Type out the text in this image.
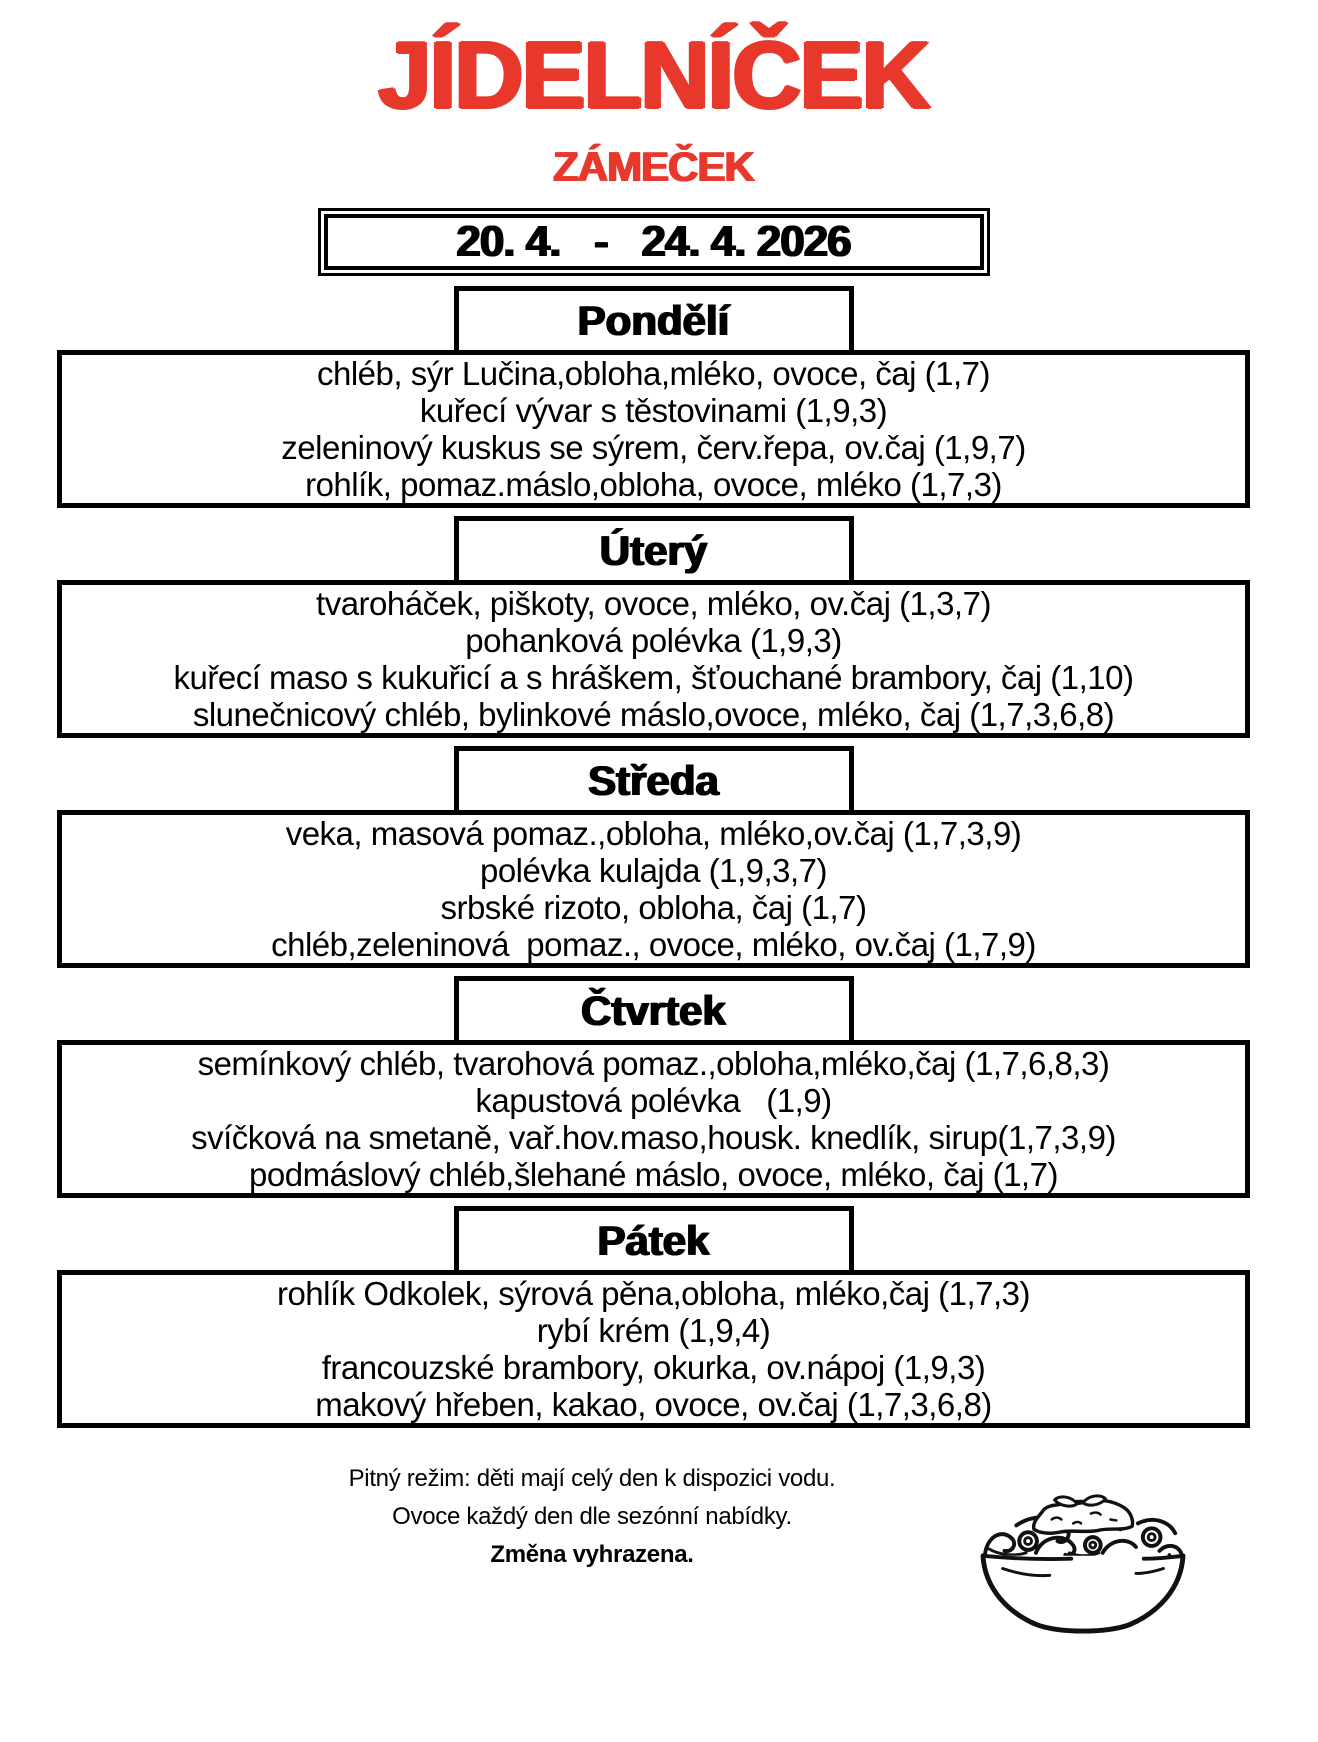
JÍDELNÍČEK
ZÁMEČEK
20. 4.   -   24. 4. 2026
Pondělí
chléb, sýr Lučina,obloha,mléko, ovoce, čaj (1,7)
kuřecí vývar s těstovinami (1,9,3)
zeleninový kuskus se sýrem, červ.řepa, ov.čaj (1,9,7)
rohlík, pomaz.máslo,obloha, ovoce, mléko (1,7,3)
Úterý
tvaroháček, piškoty, ovoce, mléko, ov.čaj (1,3,7)
pohanková polévka (1,9,3)
kuřecí maso s kukuřicí a s hráškem, šťouchané brambory, čaj (1,10)
slunečnicový chléb, bylinkové máslo,ovoce, mléko, čaj (1,7,3,6,8)
Středa
veka, masová pomaz.,obloha, mléko,ov.čaj (1,7,3,9)
polévka kulajda (1,9,3,7)
srbské rizoto, obloha, čaj (1,7)
chléb,zeleninová  pomaz., ovoce, mléko, ov.čaj (1,7,9)
Čtvrtek
semínkový chléb, tvarohová pomaz.,obloha,mléko,čaj (1,7,6,8,3)
kapustová polévka   (1,9)
svíčková na smetaně, vař.hov.maso,housk. knedlík, sirup(1,7,3,9)
podmáslový chléb,šlehané máslo, ovoce, mléko, čaj (1,7)
Pátek
rohlík Odkolek, sýrová pěna,obloha, mléko,čaj (1,7,3)
rybí krém (1,9,4)
francouzské brambory, okurka, ov.nápoj (1,9,3)
makový hřeben, kakao, ovoce, ov.čaj (1,7,3,6,8)
Pitný režim: děti mají celý den k dispozici vodu.
Ovoce každý den dle sezónní nabídky.
Změna vyhrazena.
